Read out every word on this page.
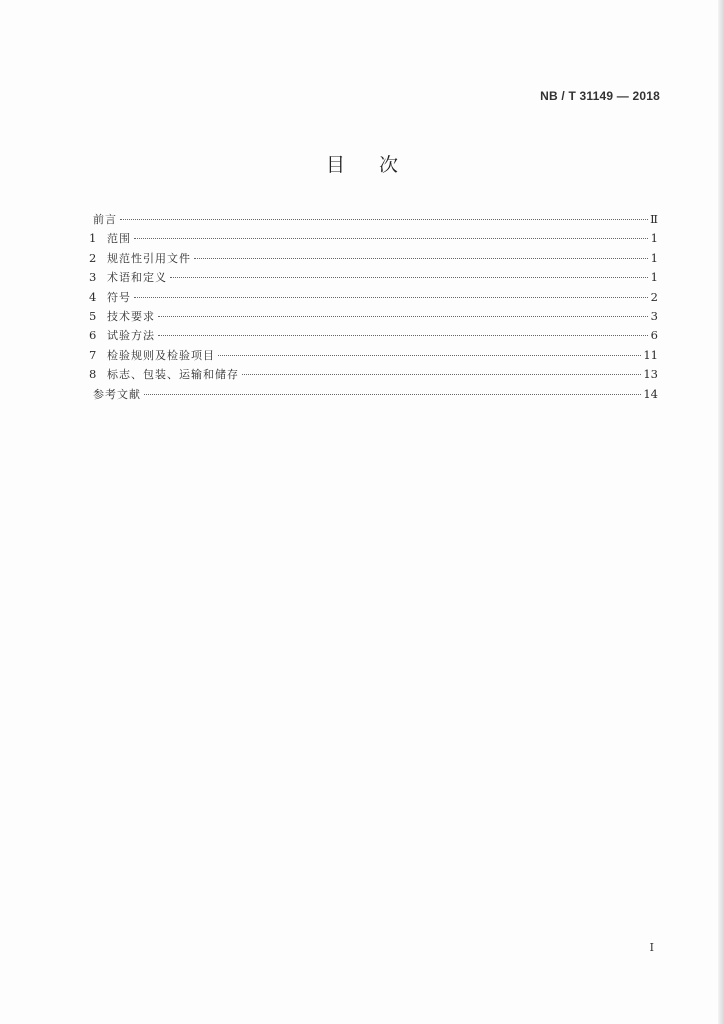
NB / T 31149 — 2018
目次
前言	Ⅱ
1 范围	1
2 规范性引用文件	1
3 术语和定义	1
4 符号	2
5 技术要求	3
6 试验方法	6
7 检验规则及检验项目	11
8 标志、包装、运输和储存	13
参考文献	14
I
